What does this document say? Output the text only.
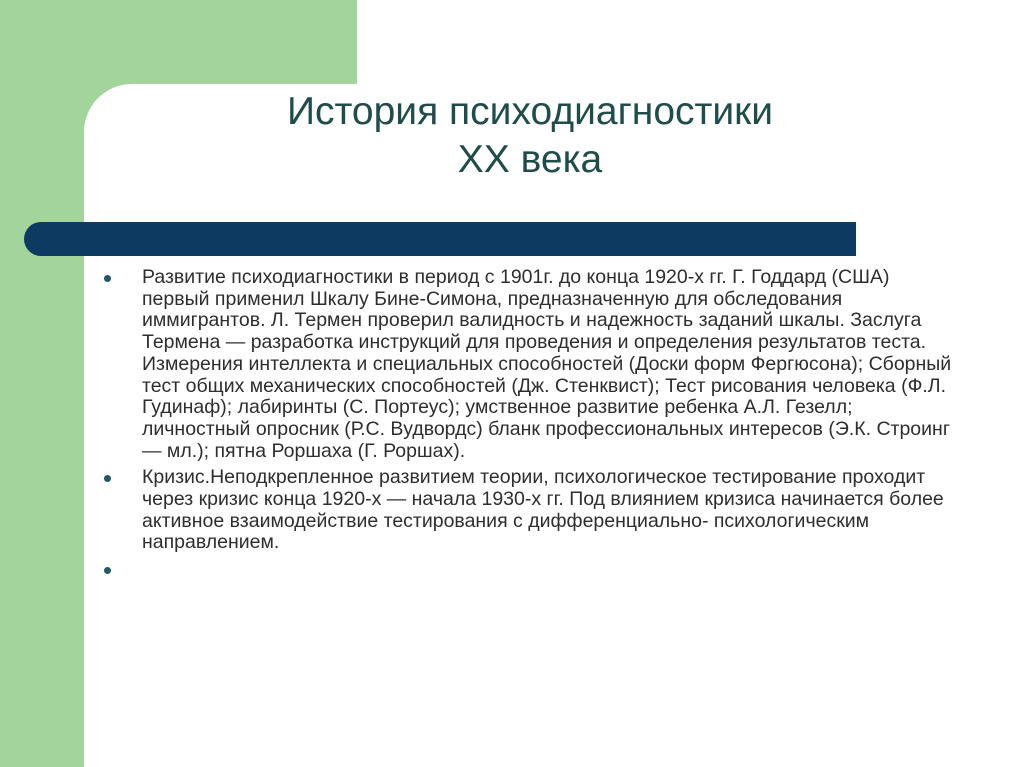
История психодиагностики
XX века
Развитие психодиагностики в период с 1901г. до конца 1920-х гг. Г. Годдард (США) первый применил Шкалу Бине-Симона, предназначенную для обследования иммигрантов. Л. Термен проверил валидность и надежность заданий шкалы. Заслуга Термена — разработка инструкций для проведения и определения результатов теста. Измерения интеллекта и специальных способностей (Доски форм Фергюсона); Сборный тест общих механических способностей (Дж. Стенквист); Тест рисования человека (Ф.Л. Гудинаф); лабиринты (С. Портеус); умственное развитие ребенка А.Л. Гезелл; личностный опросник (Р.С. Вудвордс) бланк профессиональных интересов (Э.К. Строинг — мл.); пятна Роршаха (Г. Роршах).
Кризис.Неподкрепленное развитием теории, психологическое тестирование проходит через кризис конца 1920-х — начала 1930-х гг. Под влиянием кризиса начинается более активное взаимодействие тестирования с дифференциально- психологическим направлением.
